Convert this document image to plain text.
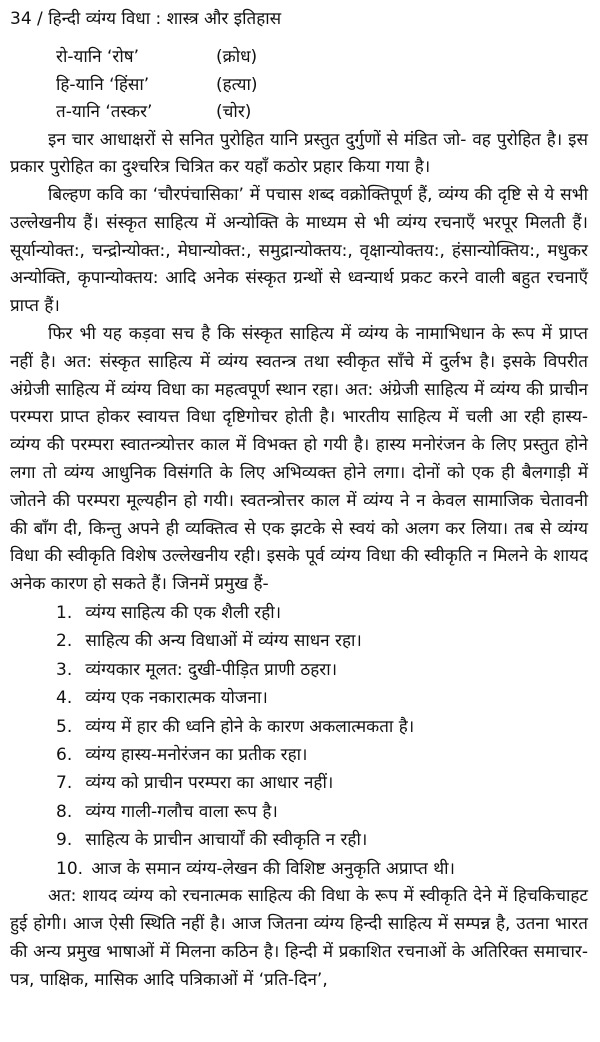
34 / हिन्दी व्यंग्य विधा : शास्त्र और इतिहास
रो-यानि ‘रोष’	(क्रोध)
हि-यानि ‘हिंसा’	(हत्या)
त-यानि ‘तस्कर’	(चोर)

इन चार आधाक्षरों से सनित पुरोहित यानि प्रस्तुत दुर्गुणों से मंडित जो- वह पुरोहित है। इस प्रकार पुरोहित का दुश्चरित्र चित्रित कर यहाँ कठोर प्रहार किया गया है।

बिल्हण कवि का ‘चौरपंचासिका’ में पचास शब्द वक्रोक्तिपूर्ण हैं, व्यंग्य की दृष्टि से ये सभी उल्लेखनीय हैं। संस्कृत साहित्य में अन्योक्ति के माध्यम से भी व्यंग्य रचनाएँ भरपूर मिलती हैं। सूर्यान्योक्त:, चन्द्रोन्योक्त:, मेघान्योक्त:, समुद्रान्योक्तय:, वृक्षान्योक्तय:, हंसान्योक्तिय:, मधुकर अन्योक्ति, कृपान्योक्तय: आदि अनेक संस्कृत ग्रन्थों से ध्वन्यार्थ प्रकट करने वाली बहुत रचनाएँ प्राप्त हैं।

फिर भी यह कड़वा सच है कि संस्कृत साहित्य में व्यंग्य के नामाभिधान के रूप में प्राप्त नहीं है। अत: संस्कृत साहित्य में व्यंग्य स्वतन्त्र तथा स्वीकृत साँचे में दुर्लभ है। इसके विपरीत अंग्रेजी साहित्य में व्यंग्य विधा का महत्वपूर्ण स्थान रहा। अत: अंग्रेजी साहित्य में व्यंग्य की प्राचीन परम्परा प्राप्त होकर स्वायत्त विधा दृष्टिगोचर होती है। भारतीय साहित्य में चली आ रही हास्य-व्यंग्य की परम्परा स्वातन्त्र्योत्तर काल में विभक्त हो गयी है। हास्य मनोरंजन के लिए प्रस्तुत होने लगा तो व्यंग्य आधुनिक विसंगति के लिए अभिव्यक्त होने लगा। दोनों को एक ही बैलगाड़ी में जोतने की परम्परा मूल्यहीन हो गयी। स्वतन्त्रोत्तर काल में व्यंग्य ने न केवल सामाजिक चेतावनी की बाँग दी, किन्तु अपने ही व्यक्तित्व से एक झटके से स्वयं को अलग कर लिया। तब से व्यंग्य विधा की स्वीकृति विशेष उल्लेखनीय रही। इसके पूर्व व्यंग्य विधा की स्वीकृति न मिलने के शायद अनेक कारण हो सकते हैं। जिनमें प्रमुख हैं-

1. व्यंग्य साहित्य की एक शैली रही।
2. साहित्य की अन्य विधाओं में व्यंग्य साधन रहा।
3. व्यंग्यकार मूलत: दुखी-पीड़ित प्राणी ठहरा।
4. व्यंग्य एक नकारात्मक योजना।
5. व्यंग्य में हार की ध्वनि होने के कारण अकलात्मकता है।
6. व्यंग्य हास्य-मनोरंजन का प्रतीक रहा।
7. व्यंग्य को प्राचीन परम्परा का आधार नहीं।
8. व्यंग्य गाली-गलौच वाला रूप है।
9. साहित्य के प्राचीन आचार्यों की स्वीकृति न रही।
10. आज के समान व्यंग्य-लेखन की विशिष्ट अनुकृति अप्राप्त थी।

अत: शायद व्यंग्य को रचनात्मक साहित्य की विधा के रूप में स्वीकृति देने में हिचकिचाहट हुई होगी। आज ऐसी स्थिति नहीं है। आज जितना व्यंग्य हिन्दी साहित्य में सम्पन्न है, उतना भारत की अन्य प्रमुख भाषाओं में मिलना कठिन है। हिन्दी में प्रकाशित रचनाओं के अतिरिक्त समाचार-पत्र, पाक्षिक, मासिक आदि पत्रिकाओं में ‘प्रति-दिन’,
